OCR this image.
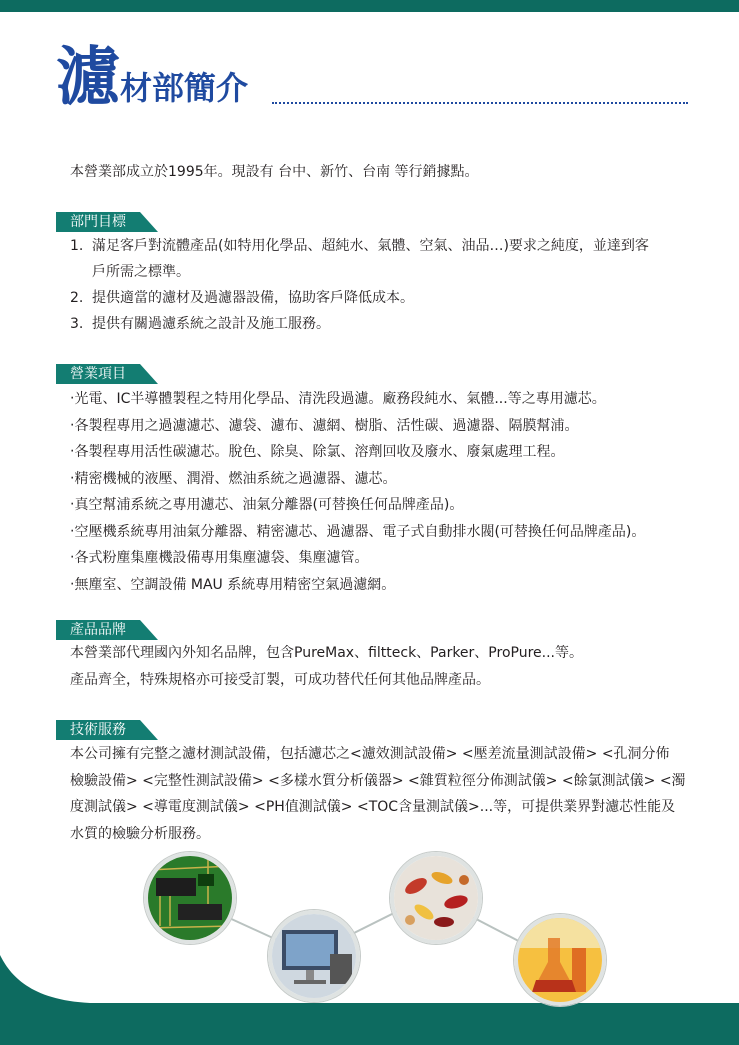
濾 材部簡介
本營業部成立於1995年。現設有 台中、新竹、台南 等行銷據點。
部門目標
1. 滿足客戶對流體產品(如特用化學品、超純水、氣體、空氣、油品…)要求之純度，並達到客
戶所需之標準。
2. 提供適當的濾材及過濾器設備，協助客戶降低成本。
3. 提供有關過濾系統之設計及施工服務。
營業項目
‧光電、IC半導體製程之特用化學品、清洗段過濾。廠務段純水、氣體...等之專用濾芯。
‧各製程專用之過濾濾芯、濾袋、濾布、濾網、樹脂、活性碳、過濾器、隔膜幫浦。
‧各製程專用活性碳濾芯。脫色、除臭、除氯、溶劑回收及廢水、廢氣處理工程。
‧精密機械的液壓、潤滑、燃油系統之過濾器、濾芯。
‧真空幫浦系統之專用濾芯、油氣分離器(可替換任何品牌產品)。
‧空壓機系統專用油氣分離器、精密濾芯、過濾器、電子式自動排水閥(可替換任何品牌產品)。
‧各式粉塵集塵機設備專用集塵濾袋、集塵濾管。
‧無塵室、空調設備 MAU 系統專用精密空氣過濾網。
產品品牌
本營業部代理國內外知名品牌，包含PureMax、filtteck、Parker、ProPure...等。
產品齊全，特殊規格亦可接受訂製，可成功替代任何其他品牌產品。
技術服務
本公司擁有完整之濾材測試設備，包括濾芯之<濾效測試設備> <壓差流量測試設備> <孔洞分佈
檢驗設備> <完整性測試設備> <多樣水質分析儀器> <雜質粒徑分佈測試儀> <餘氯測試儀> <濁
度測試儀> <導電度測試儀> <PH值測試儀> <TOC含量測試儀>...等，可提供業界對濾芯性能及
水質的檢驗分析服務。
